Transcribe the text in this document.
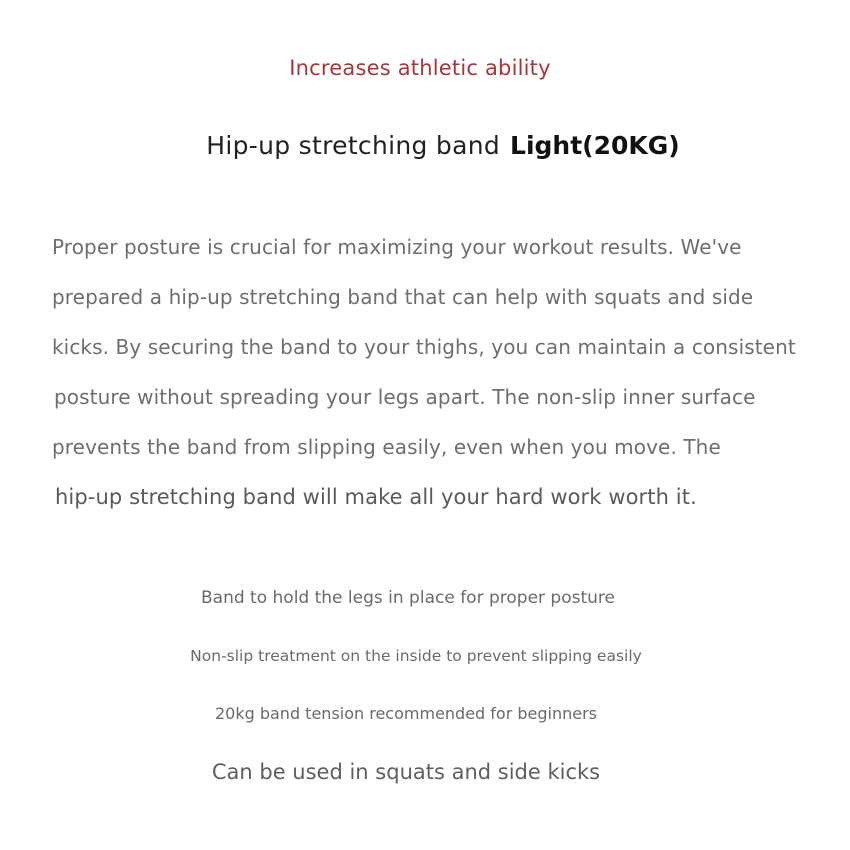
Increases athletic ability
Hip-up stretching band Light(20KG)
Proper posture is crucial for maximizing your workout results. We've
prepared a hip-up stretching band that can help with squats and side
kicks. By securing the band to your thighs, you can maintain a consistent
posture without spreading your legs apart. The non-slip inner surface
prevents the band from slipping easily, even when you move. The
hip-up stretching band will make all your hard work worth it.
Band to hold the legs in place for proper posture
Non-slip treatment on the inside to prevent slipping easily
20kg band tension recommended for beginners
Can be used in squats and side kicks
